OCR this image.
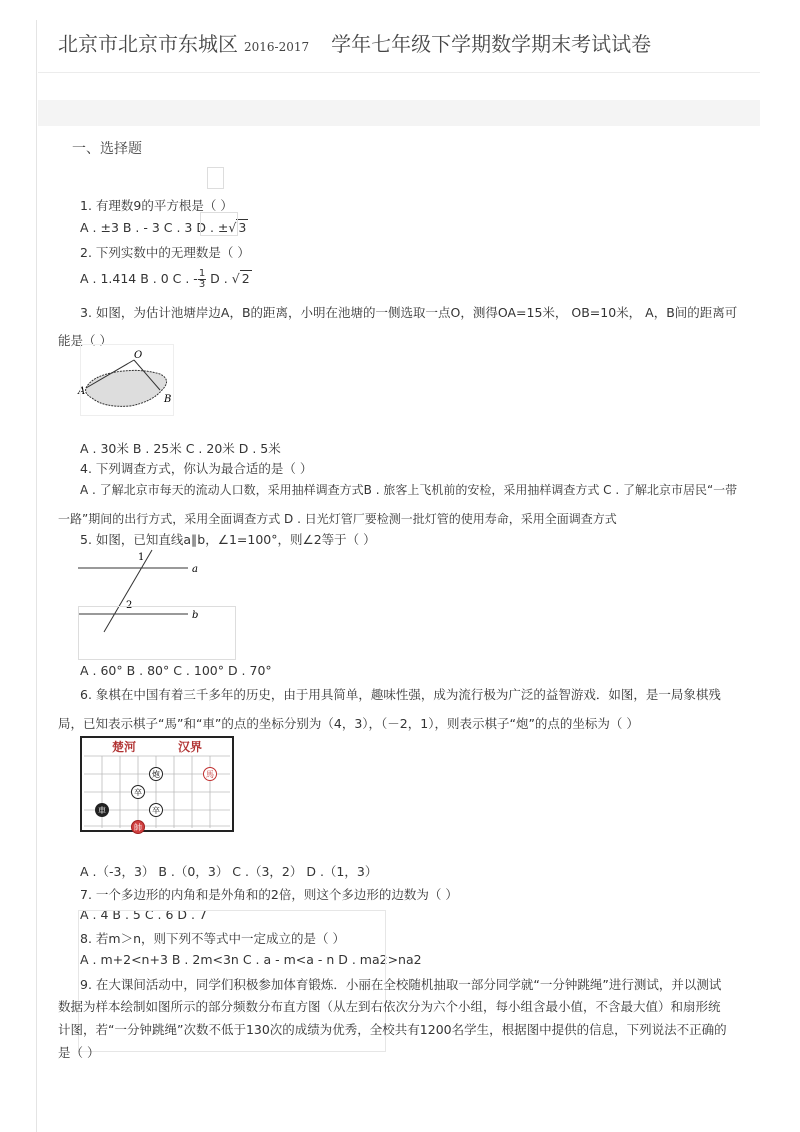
北京市北京市东城区 2016-2017 学年七年级下学期数学期末考试试卷
一、选择题
1. 有理数9的平方根是（ ）
A . ±3 B . - 3 C . 3 D . ±√ 3
2. 下列实数中的无理数是（ ）
A . 1.414 B . 0 C . - $\frac{1}{3}$ D . √ 2
3. 如图，为估计池塘岸边A，B的距离，小明在池塘的一侧选取一点O，测得OA=15米， OB=10米， A，B间的距离可
能是（ ）
O
A
B
A . 30米 B . 25米 C . 20米 D . 5米
4. 下列调查方式，你认为最合适的是（ ）
A . 了解北京市每天的流动人口数，采用抽样调查方式B . 旅客上飞机前的安检，采用抽样调查方式 C . 了解北京市居民“一带
一路”期间的出行方式，采用全面调查方式 D . 日光灯管厂要检测一批灯管的使用寿命，采用全面调查方式
5. 如图，已知直线a∥b，∠1=100°，则∠2等于（ ）
1
2
a
b
A . 60° B . 80° C . 100° D . 70°
6. 象棋在中国有着三千多年的历史，由于用具简单，趣味性强，成为流行极为广泛的益智游戏．如图，是一局象棋残
局，已知表示棋子“馬”和“車”的点的坐标分别为（4，3），（－2，1），则表示棋子“炮”的点的坐标为（ ）
楚河	汉界
炮	馬
卒
車	卒
帥
A .（-3，3） B .（0，3） C .（3，2） D .（1，3）
7. 一个多边形的内角和是外角和的2倍，则这个多边形的边数为（ ）
A . 4 B . 5 C . 6 D . 7
8. 若m＞n，则下列不等式中一定成立的是（ ）
A . m+2<n+3 B . 2m<3n C . a - m<a - n D . ma2>na2
9. 在大课间活动中，同学们积极参加体育锻炼．小丽在全校随机抽取一部分同学就“一分钟跳绳”进行测试，并以测试
数据为样本绘制如图所示的部分频数分布直方图（从左到右依次分为六个小组，每小组含最小值，不含最大值）和扇形统
计图，若“一分钟跳绳”次数不低于130次的成绩为优秀，全校共有1200名学生，根据图中提供的信息，下列说法不正确的
是（ ）
